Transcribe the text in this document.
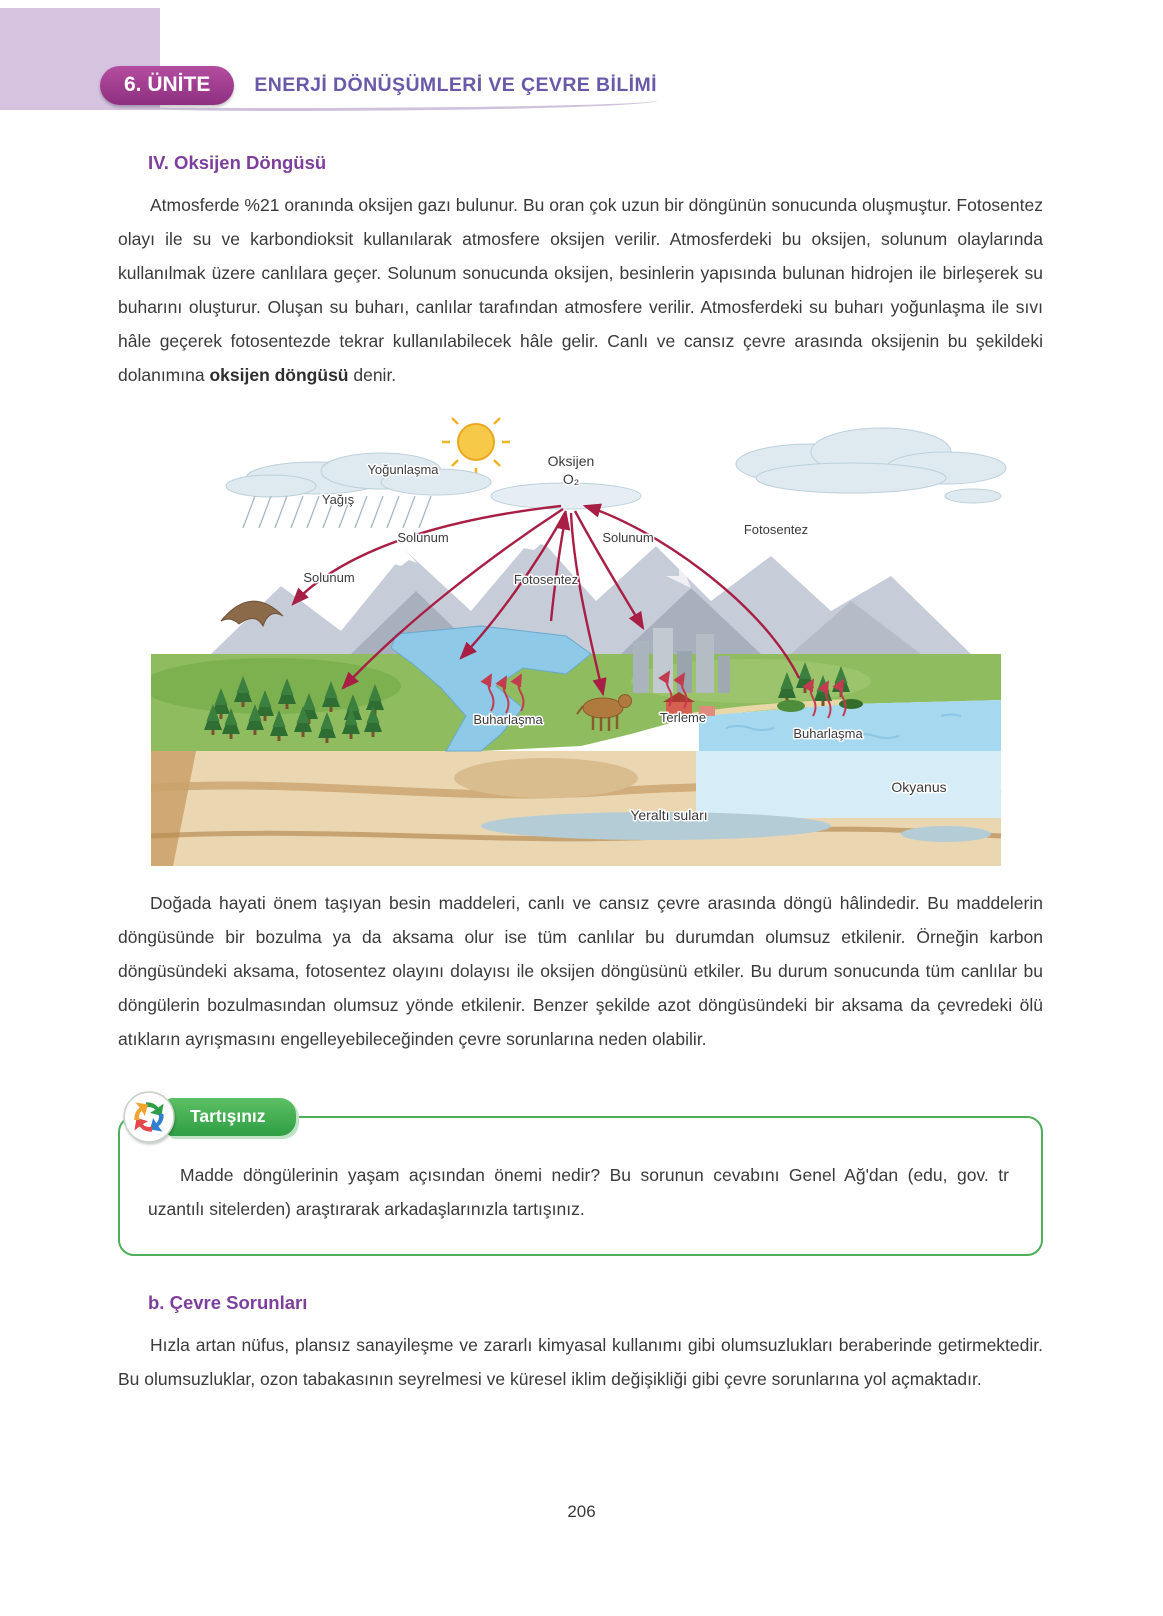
6. ÜNİTE	ENERJİ DÖNÜŞÜMLERİ VE ÇEVRE BİLİMİ
IV. Oksijen Döngüsü

Atmosferde %21 oranında oksijen gazı bulunur. Bu oran çok uzun bir döngünün sonucunda oluşmuştur. Fotosentez olayı ile su ve karbondioksit kullanılarak atmosfere oksijen verilir. Atmosferdeki bu oksijen, solunum olaylarında kullanılmak üzere canlılara geçer. Solunum sonucunda oksijen, besinlerin yapısında bulunan hidrojen ile birleşerek su buharını oluşturur. Oluşan su buharı, canlılar tarafından atmosfere verilir. Atmosferdeki su buharı yoğunlaşma ile sıvı hâle geçerek fotosentezde tekrar kullanılabilecek hâle gelir. Canlı ve cansız çevre arasında oksijenin bu şekildeki dolanımına oksijen döngüsü denir.

Yoğunlaşma
Yağış
Oksijen
O₂
Solunum	Solunum
Fotosentez
Solunum	Fotosentez
Buharlaşma	Terleme
Buharlaşma
Okyanus
Yeraltı suları

Doğada hayati önem taşıyan besin maddeleri, canlı ve cansız çevre arasında döngü hâlindedir. Bu maddelerin döngüsünde bir bozulma ya da aksama olur ise tüm canlılar bu durumdan olumsuz etkilenir. Örneğin karbon döngüsündeki aksama, fotosentez olayını dolayısı ile oksijen döngüsünü etkiler. Bu durum sonucunda tüm canlılar bu döngülerin bozulmasından olumsuz yönde etkilenir. Benzer şekilde azot döngüsündeki bir aksama da çevredeki ölü atıkların ayrışmasını engelleyebileceğinden çevre sorunlarına neden olabilir.

Tartışınız

Madde döngülerinin yaşam açısından önemi nedir? Bu sorunun cevabını Genel Ağ'dan (edu, gov. tr uzantılı sitelerden) araştırarak arkadaşlarınızla tartışınız.

b. Çevre Sorunları

Hızla artan nüfus, plansız sanayileşme ve zararlı kimyasal kullanımı gibi olumsuzlukları beraberinde getirmektedir. Bu olumsuzluklar, ozon tabakasının seyrelmesi ve küresel iklim değişikliği gibi çevre sorunlarına yol açmaktadır.

206
